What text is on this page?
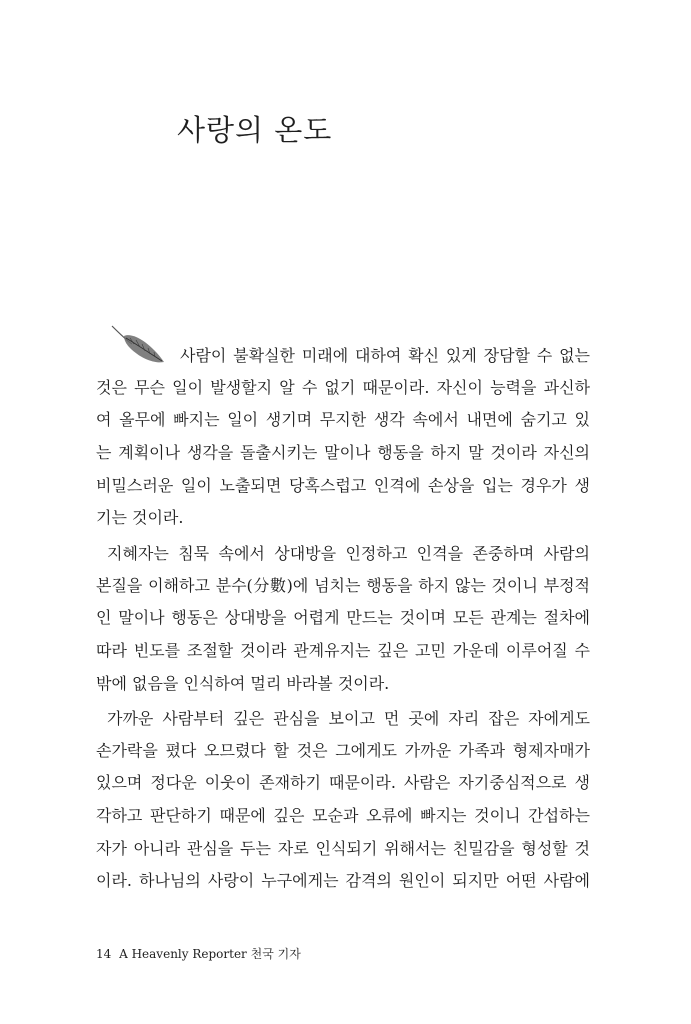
사랑의 온도
사람이 불확실한 미래에 대하여 확신 있게 장담할 수 없는
것은 무슨 일이 발생할지 알 수 없기 때문이라. 자신이 능력을 과신하
여 올무에 빠지는 일이 생기며 무지한 생각 속에서 내면에 숨기고 있
는 계획이나 생각을 돌출시키는 말이나 행동을 하지 말 것이라 자신의
비밀스러운 일이 노출되면 당혹스럽고 인격에 손상을 입는 경우가 생
기는 것이라.
지혜자는 침묵 속에서 상대방을 인정하고 인격을 존중하며 사람의
본질을 이해하고 분수(分數)에 넘치는 행동을 하지 않는 것이니 부정적
인 말이나 행동은 상대방을 어렵게 만드는 것이며 모든 관계는 절차에
따라 빈도를 조절할 것이라 관계유지는 깊은 고민 가운데 이루어질 수
밖에 없음을 인식하여 멀리 바라볼 것이라.
가까운 사람부터 깊은 관심을 보이고 먼 곳에 자리 잡은 자에게도
손가락을 폈다 오므렸다 할 것은 그에게도 가까운 가족과 형제자매가
있으며 정다운 이웃이 존재하기 때문이라. 사람은 자기중심적으로 생
각하고 판단하기 때문에 깊은 모순과 오류에 빠지는 것이니 간섭하는
자가 아니라 관심을 두는 자로 인식되기 위해서는 친밀감을 형성할 것
이라. 하나님의 사랑이 누구에게는 감격의 원인이 되지만 어떤 사람에
14 A Heavenly Reporter 천국 기자
